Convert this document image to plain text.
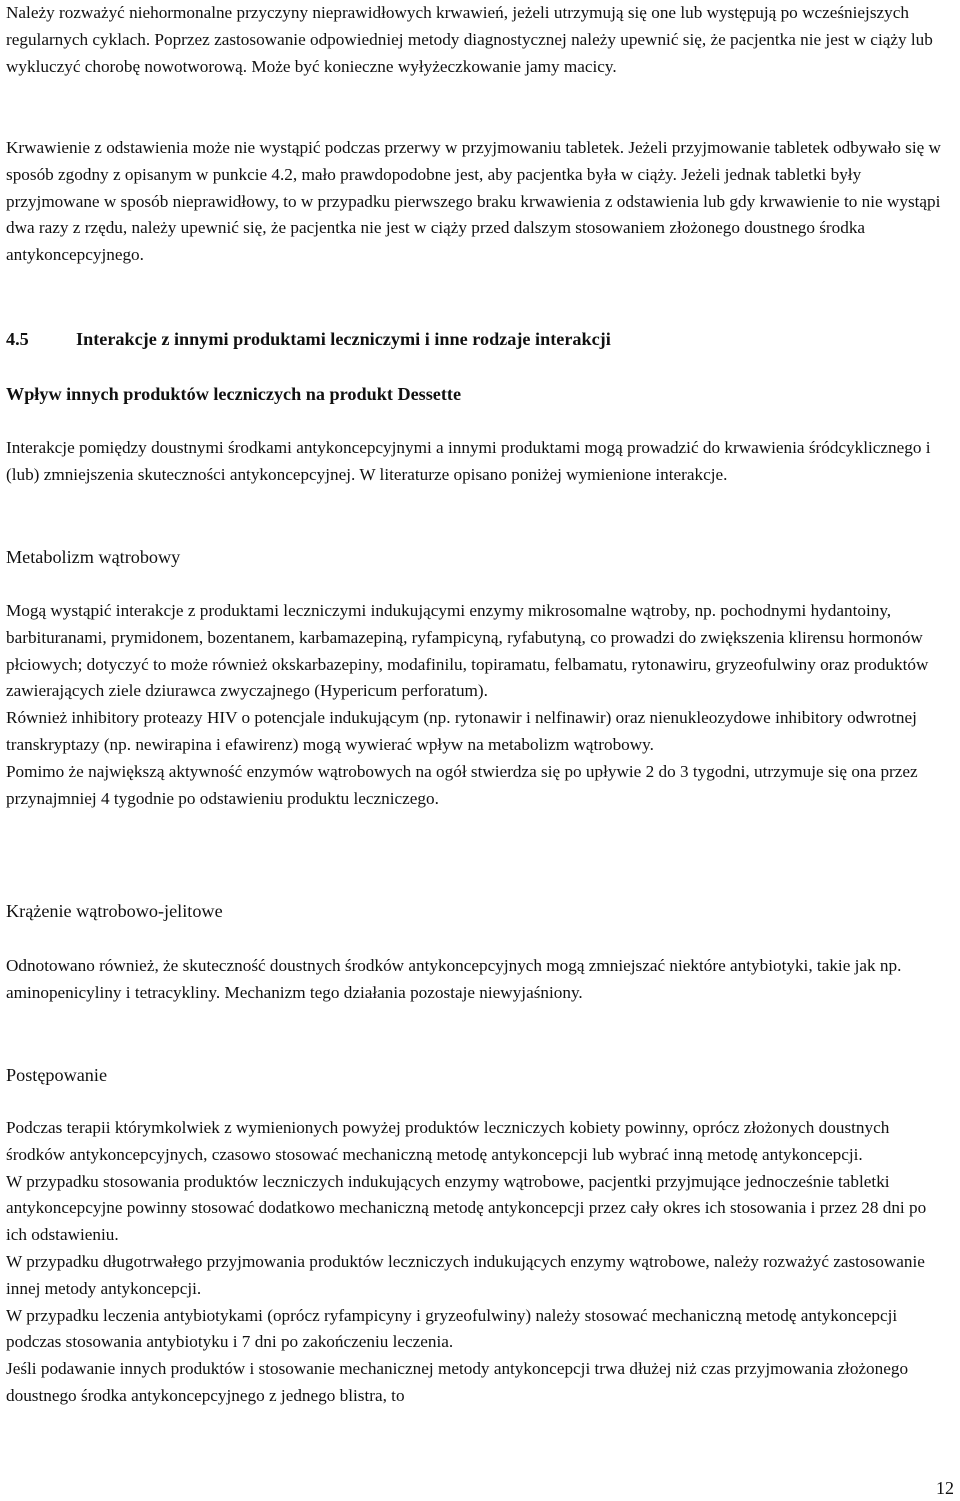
Należy rozważyć niehormonalne przyczyny nieprawidłowych krwawień, jeżeli utrzymują się one lub występują po wcześniejszych regularnych cyklach. Poprzez zastosowanie odpowiedniej metody diagnostycznej należy upewnić się, że pacjentka nie jest w ciąży lub wykluczyć chorobę nowotworową. Może być konieczne wyłyżeczkowanie jamy macicy.

Krwawienie z odstawienia może nie wystąpić podczas przerwy w przyjmowaniu tabletek. Jeżeli przyjmowanie tabletek odbywało się w sposób zgodny z opisanym w punkcie 4.2, mało prawdopodobne jest, aby pacjentka była w ciąży. Jeżeli jednak tabletki były przyjmowane w sposób nieprawidłowy, to w przypadku pierwszego braku krwawienia z odstawienia lub gdy krwawienie to nie wystąpi dwa razy z rzędu, należy upewnić się, że pacjentka nie jest w ciąży przed dalszym stosowaniem złożonego doustnego środka antykoncepcyjnego.

4.5	Interakcje z innymi produktami leczniczymi i inne rodzaje interakcji
Wpływ innych produktów leczniczych na produkt Dessette

Interakcje pomiędzy doustnymi środkami antykoncepcyjnymi a innymi produktami mogą prowadzić do krwawienia śródcyklicznego i (lub) zmniejszenia skuteczności antykoncepcyjnej. W literaturze opisano poniżej wymienione interakcje.

Metabolizm wątrobowy

Mogą wystąpić interakcje z produktami leczniczymi indukującymi enzymy mikrosomalne wątroby, np. pochodnymi hydantoiny, barbituranami, prymidonem, bozentanem, karbamazepiną, ryfampicyną, ryfabutyną, co prowadzi do zwiększenia klirensu hormonów płciowych; dotyczyć to może również okskarbazepiny, modafinilu, topiramatu, felbamatu, rytonawiru, gryzeofulwiny oraz produktów zawierających ziele dziurawca zwyczajnego (Hypericum perforatum).

Również inhibitory proteazy HIV o potencjale indukującym (np. rytonawir i nelfinawir) oraz nienukleozydowe inhibitory odwrotnej transkryptazy (np. newirapina i efawirenz) mogą wywierać wpływ na metabolizm wątrobowy.

Pomimo że największą aktywność enzymów wątrobowych na ogół stwierdza się po upływie 2 do 3 tygodni, utrzymuje się ona przez przynajmniej 4 tygodnie po odstawieniu produktu leczniczego.

Krążenie wątrobowo-jelitowe

Odnotowano również, że skuteczność doustnych środków antykoncepcyjnych mogą zmniejszać niektóre antybiotyki, takie jak np. aminopenicyliny i tetracykliny. Mechanizm tego działania pozostaje niewyjaśniony.

Postępowanie

Podczas terapii którymkolwiek z wymienionych powyżej produktów leczniczych kobiety powinny, oprócz złożonych doustnych środków antykoncepcyjnych, czasowo stosować mechaniczną metodę antykoncepcji lub wybrać inną metodę antykoncepcji.

W przypadku stosowania produktów leczniczych indukujących enzymy wątrobowe, pacjentki przyjmujące jednocześnie tabletki antykoncepcyjne powinny stosować dodatkowo mechaniczną metodę antykoncepcji przez cały okres ich stosowania i przez 28 dni po ich odstawieniu.

W przypadku długotrwałego przyjmowania produktów leczniczych indukujących enzymy wątrobowe, należy rozważyć zastosowanie innej metody antykoncepcji.

W przypadku leczenia antybiotykami (oprócz ryfampicyny i gryzeofulwiny) należy stosować mechaniczną metodę antykoncepcji podczas stosowania antybiotyku i 7 dni po zakończeniu leczenia.

Jeśli podawanie innych produktów i stosowanie mechanicznej metody antykoncepcji trwa dłużej niż czas przyjmowania złożonego doustnego środka antykoncepcyjnego z jednego blistra, to

12
